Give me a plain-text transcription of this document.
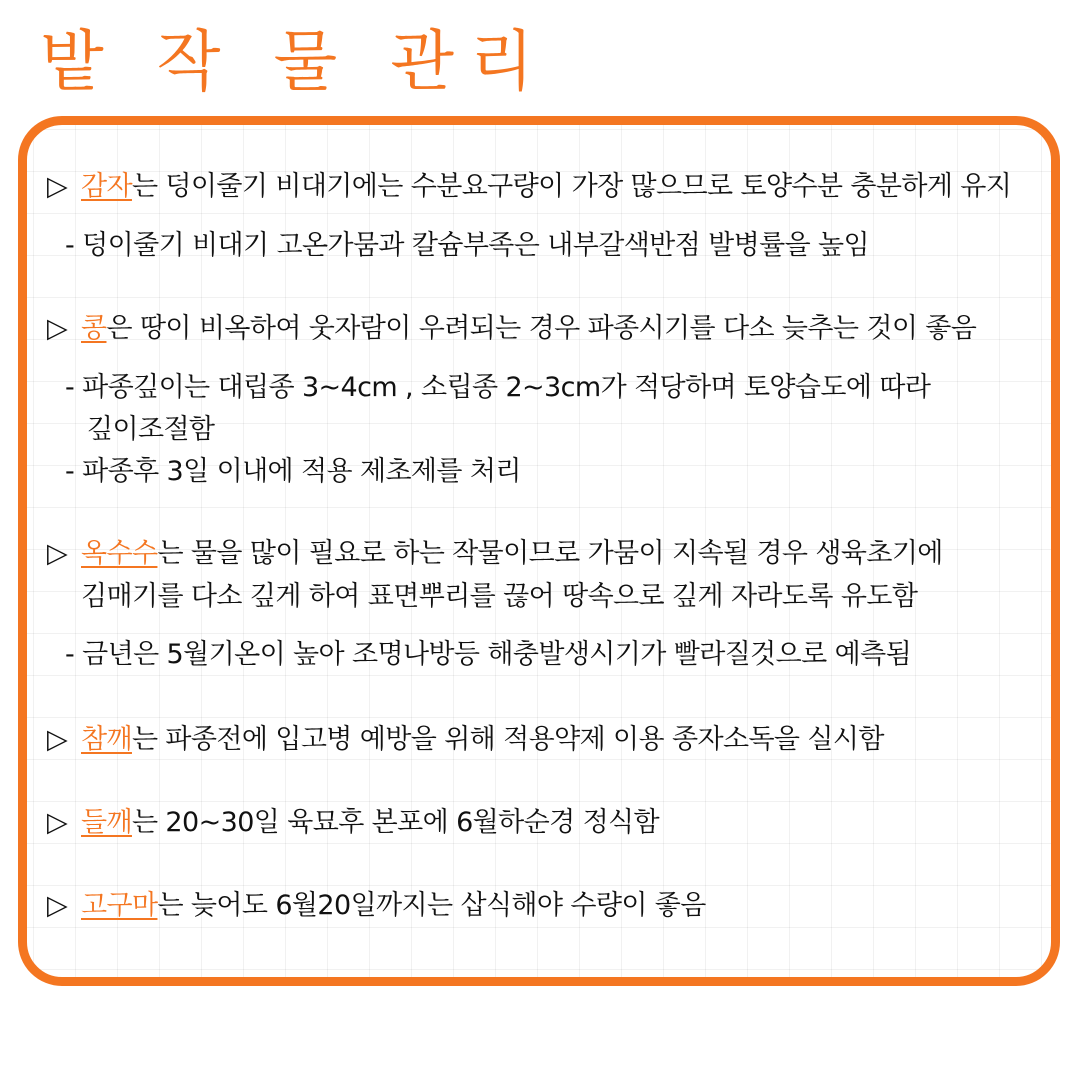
밭 작 물 관리

▷ 감자는 덩이줄기 비대기에는 수분요구량이 가장 많으므로 토양수분 충분하게 유지

- 덩이줄기 비대기 고온가뭄과 칼슘부족은 내부갈색반점 발병률을 높임

▷ 콩은 땅이 비옥하여 웃자람이 우려되는 경우 파종시기를 다소 늦추는 것이 좋음

- 파종깊이는 대립종 3~4cm , 소립종 2~3cm가 적당하며 토양습도에 따라

깊이조절함

- 파종후 3일 이내에 적용 제초제를 처리

▷ 옥수수는 물을 많이 필요로 하는 작물이므로 가뭄이 지속될 경우 생육초기에

김매기를 다소 깊게 하여 표면뿌리를 끊어 땅속으로 깊게 자라도록 유도함

- 금년은 5월기온이 높아 조명나방등 해충발생시기가 빨라질것으로 예측됨

▷ 참깨는 파종전에 입고병 예방을 위해 적용약제 이용 종자소독을 실시함

▷ 들깨는 20~30일 육묘후 본포에 6월하순경 정식함

▷ 고구마는 늦어도 6월20일까지는 삽식해야 수량이 좋음
